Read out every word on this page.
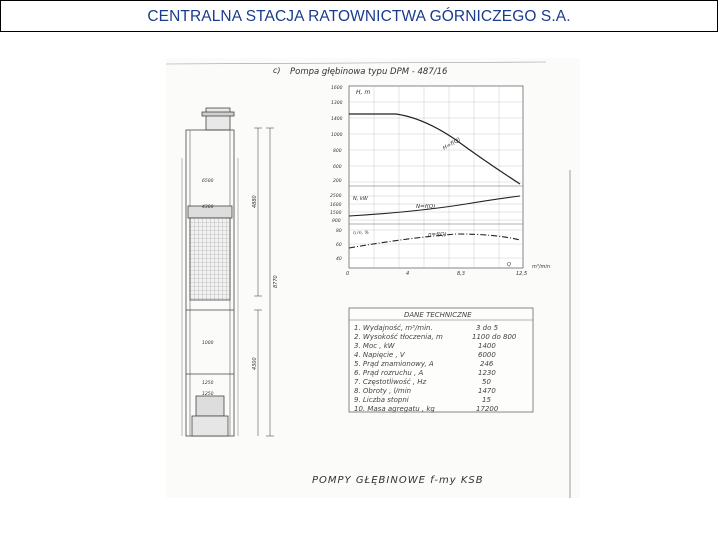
CENTRALNA STACJA RATOWNICTWA GÓRNICZEGO S.A.
c) Pompa głębinowa typu DPM - 487/16
6500
4300
1000
1250
1250
4880
8770
4300
H, m
1600
1300
1400
1000
800
600
200
H=f(Q)
N, kW
2500
1600
1500
900
N=f(Q)
η m, %
80
60
40
η=f(Q)
0	4	8,3	12,5
Q	m³/min
DANE TECHNICZNE
1. Wydajność, m³/min.	3 do 5
2. Wysokość tłoczenia, m	1100 do 800
3. Moc , kW	1400
4. Napięcie , V	6000
5. Prąd znamionowy, A	246
6. Prąd rozruchu , A	1230
7. Częstotliwość , Hz	50
8. Obroty , l/min	1470
9. Liczba stopni	15
10. Masa agregatu , kg	17200
POMPY GŁĘBINOWE f-my KSB
